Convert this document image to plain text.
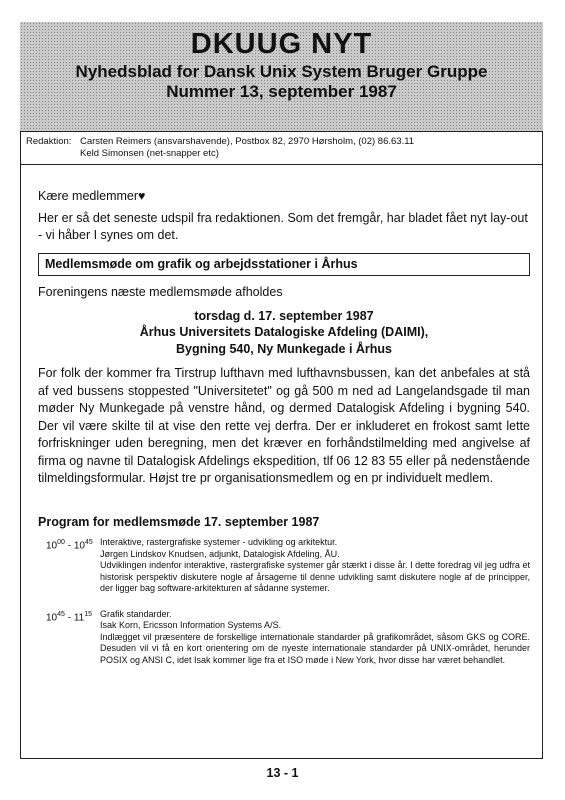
DKUUG NYT
Nyhedsblad for Dansk Unix System Bruger Gruppe
Nummer 13, september 1987
Redaktion: Carsten Reimers (ansvarshavende), Postbox 82, 2970 Hørsholm, (02) 86.63.11
Keld Simonsen (net-snapper etc)

Kære medlemmer♥

Her er så det seneste udspil fra redaktionen. Som det fremgår, har bladet fået nyt lay-out - vi håber I synes om det.

Medlemsmøde om grafik og arbejdsstationer i Århus

Foreningens næste medlemsmøde afholdes

torsdag d. 17. september 1987
Århus Universitets Datalogiske Afdeling (DAIMI),
Bygning 540, Ny Munkegade i Århus

For folk der kommer fra Tirstrup lufthavn med lufthavnsbussen, kan det anbefales at stå af ved bussens stoppested "Universitetet" og gå 500 m ned ad Langelandsgade til man møder Ny Munkegade på venstre hånd, og dermed Datalogisk Afdeling i bygning 540. Der vil være skilte til at vise den rette vej derfra. Der er inkluderet en frokost samt lette forfriskninger uden beregning, men det kræver en forhåndstilmelding med angivelse af firma og navne til Datalogisk Afdelings ekspedition, tlf 06 12 83 55 eller på nedenstående tilmeldingsformular. Højst tre pr organisationsmedlem og en pr individuelt medlem.

Program for medlemsmøde 17. september 1987
$10^{00} - 10^{45}$ Interaktive, rastergrafiske systemer - udvikling og arkitektur.
Jørgen Lindskov Knudsen, adjunkt, Datalogisk Afdeling, ÅU.
Udviklingen indenfor interaktive, rastergrafiske systemer går stærkt i disse år. I dette foredrag vil jeg udfra et historisk perspektiv diskutere nogle af årsagerne til denne udvikling samt diskutere nogle af de principper, der ligger bag software-arkitekturen af sådanne systemer.
$10^{45} - 11^{15}$ Grafik standarder.
Isak Korn, Ericsson Information Systems A/S.
Indlægget vil præsentere de forskellige internationale standarder på grafikområdet, såsom GKS og CORE. Desuden vil vi få en kort orientering om de nyeste internationale standarder på UNIX-området, herunder POSIX og ANSI C, idet Isak kommer lige fra et ISO møde i New York, hvor disse har været behandlet.
13 - 1
